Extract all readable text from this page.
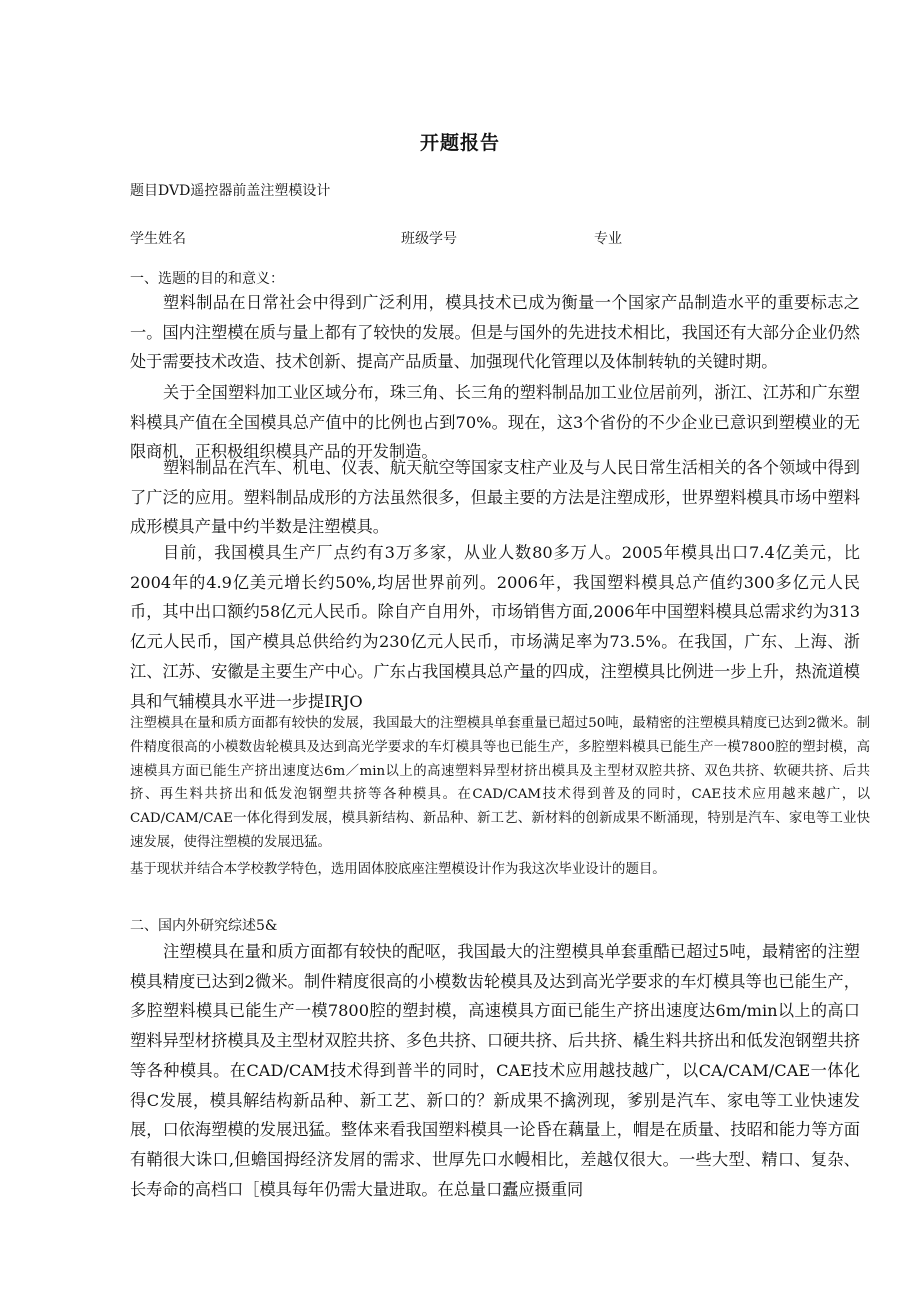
开题报告

题目DVD遥控器前盖注塑模设计

学生姓名	班级学号	专业

一、选题的目的和意义：

塑料制品在日常社会中得到广泛利用，模具技术已成为衡量一个国家产品制造水平的重要标志之一。国内注塑模在质与量上都有了较快的发展。但是与国外的先进技术相比，我国还有大部分企业仍然处于需要技术改造、技术创新、提高产品质量、加强现代化管理以及体制转轨的关键时期。

关于全国塑料加工业区域分布，珠三角、长三角的塑料制品加工业位居前列，浙江、江苏和广东塑料模具产值在全国模具总产值中的比例也占到70%。现在，这3个省份的不少企业已意识到塑模业的无限商机，正积极组织模具产品的开发制造。

塑料制品在汽车、机电、仪表、航天航空等国家支柱产业及与人民日常生活相关的各个领域中得到了广泛的应用。塑料制品成形的方法虽然很多，但最主要的方法是注塑成形，世界塑料模具市场中塑料成形模具产量中约半数是注塑模具。

目前，我国模具生产厂点约有3万多家，从业人数80多万人。2005年模具出口7.4亿美元，比2004年的4.9亿美元增长约50%,均居世界前列。2006年，我国塑料模具总产值约300多亿元人民币，其中出口额约58亿元人民币。除自产自用外，市场销售方面,2006年中国塑料模具总需求约为313亿元人民币，国产模具总供给约为230亿元人民币，市场满足率为73.5%。在我国，广东、上海、浙江、江苏、安徽是主要生产中心。广东占我国模具总产量的四成，注塑模具比例进一步上升，热流道模具和气辅模具水平进一步提IRJO

注塑模具在量和质方面都有较快的发展，我国最大的注塑模具单套重量已超过50吨，最精密的注塑模具精度已达到2微米。制件精度很高的小模数齿轮模具及达到高光学要求的车灯模具等也已能生产，多腔塑料模具已能生产一模7800腔的塑封模，高速模具方面已能生产挤出速度达6m／min以上的高速塑料异型材挤出模具及主型材双腔共挤、双色共挤、软硬共挤、后共挤、再生料共挤出和低发泡钢塑共挤等各种模具。在CAD/CAM技术得到普及的同时，CAE技术应用越来越广，以CAD/CAM/CAE一体化得到发展，模具新结构、新品种、新工艺、新材料的创新成果不断涌现，特别是汽车、家电等工业快速发展，使得注塑模的发展迅猛。

基于现状并结合本学校教学特色，选用固体胶底座注塑模设计作为我这次毕业设计的题目。

二、国内外研究综述5&

注塑模具在量和质方面都有较快的配呕，我国最大的注塑模具单套重酷已超过5吨，最精密的注塑模具精度已达到2微米。制件精度很高的小模数齿轮模具及达到高光学要求的车灯模具等也已能生产，多腔塑料模具已能生产一模7800腔的塑封模，高速模具方面已能生产挤出速度达6m/min以上的高口塑料异型材挤模具及主型材双腔共挤、多色共挤、口硬共挤、后共挤、橇生料共挤出和低发泡钢塑共挤等各种模具。在CAD/CAM技术得到普半的同时，CAE技术应用越技越广，以CA/CAM/CAE一体化得C发展，模具解结构新品种、新工艺、新口的？新成果不擒洌现，爹别是汽车、家电等工业快速发展，口依海塑模的发展迅猛。整体来看我国塑料模具一论昏在藕量上，帽是在质量、技昭和能力等方面有鞘很大诛口,但蟾国拇经济发屑的需求、世厚先口水幔相比，差越仅很大。一些大型、精口、复杂、长寿命的高档口［模具每年仍需大量进取。在总量口蠹应摄重同
